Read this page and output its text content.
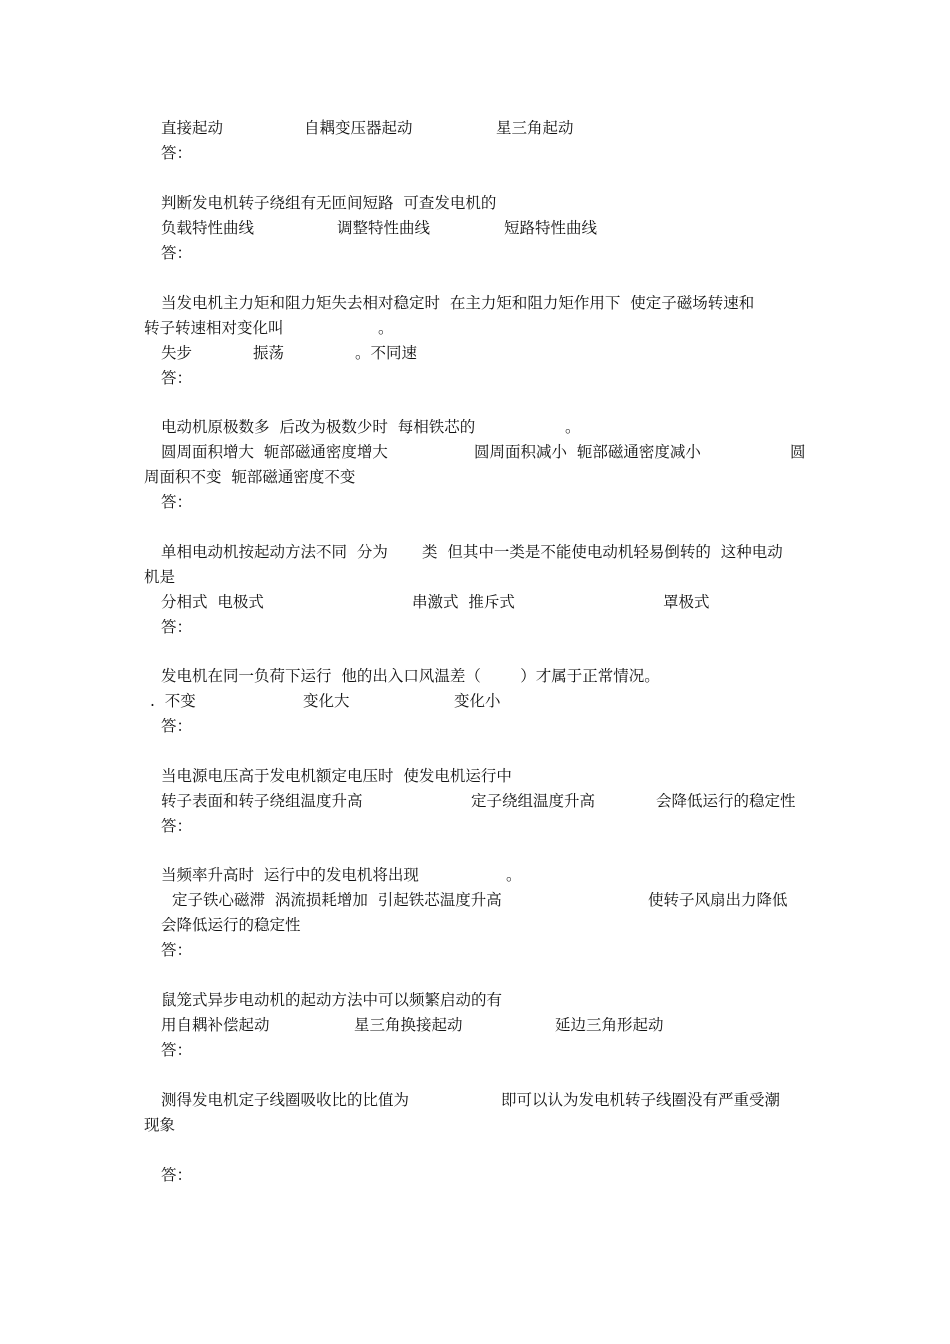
直接起动	自耦变压器起动	星三角起动
答：
判断发电机转子绕组有无匝间短路  可查发电机的
负载特性曲线	调整特性曲线	短路特性曲线
答：
当发电机主力矩和阻力矩失去相对稳定时  在主力矩和阻力矩作用下  使定子磁场转速和
转子转速相对变化叫	。
失步	振荡	。不同速
答：
电动机原极数多  后改为极数少时  每相铁芯的	。
圆周面积增大  轭部磁通密度增大	圆周面积减小  轭部磁通密度减小	圆
周面积不变  轭部磁通密度不变
答：
单相电动机按起动方法不同  分为 类  但其中一类是不能使电动机轻易倒转的  这种电动
机是
分相式  电极式	串激式  推斥式	罩极式
答：
发电机在同一负荷下运行  他的出入口风温差（        ）才属于正常情况。
.  不变	变化大	变化小
答：
当电源电压高于发电机额定电压时  使发电机运行中
转子表面和转子绕组温度升高	定子绕组温度升高	会降低运行的稳定性
答：
当频率升高时  运行中的发电机将出现	。
定子铁心磁滞  涡流损耗增加  引起铁芯温度升高	使转子风扇出力降低
会降低运行的稳定性
答：
鼠笼式异步电动机的起动方法中可以频繁启动的有
用自耦补偿起动	星三角换接起动	延边三角形起动
答：
测得发电机定子线圈吸收比的比值为	即可以认为发电机转子线圈没有严重受潮
现象
答：
